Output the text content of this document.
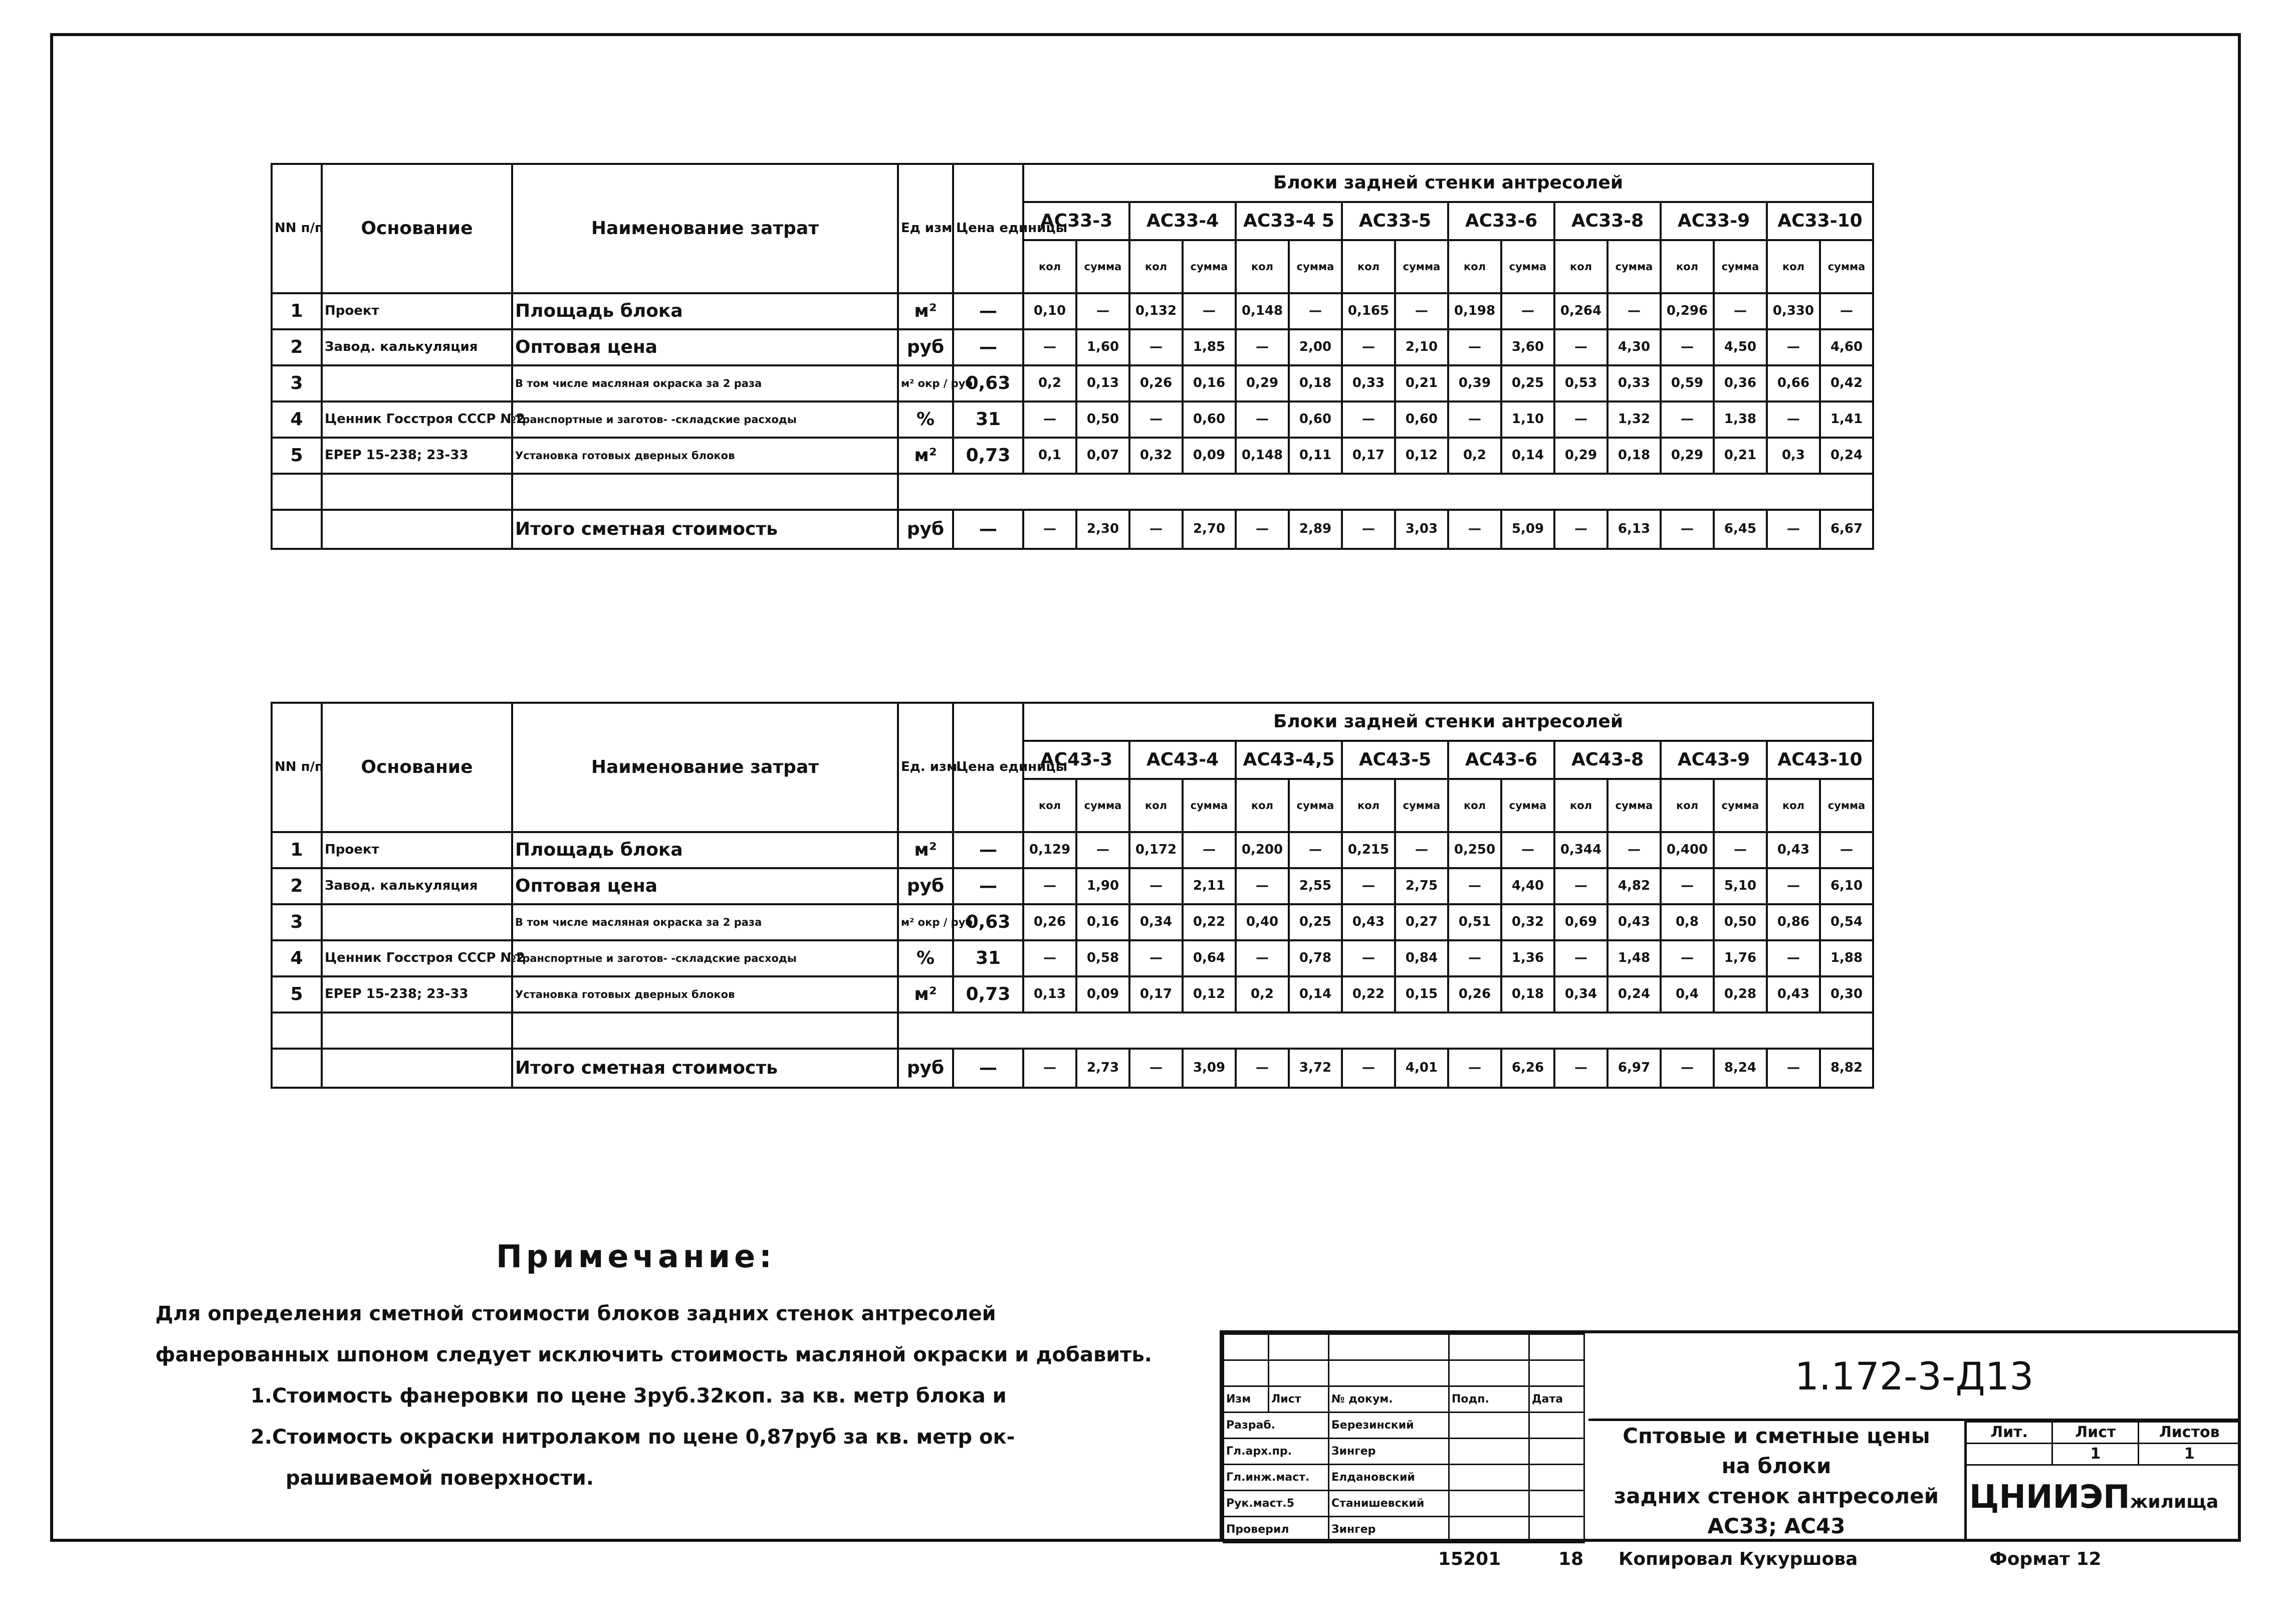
NN п/п	Основание	Наименование затрат	Ед изм	Цена единицы	Блоки задней стенки антресолей															
					АС33-3		АС33-4		АС33-4 5		АС33-5		АС33-6		АС33-8		АС33-9		АС33-10	
					кол	сумма	кол	сумма	кол	сумма	кол	сумма	кол	сумма	кол	сумма	кол	сумма	кол	сумма
1	Проект	Площадь блока	м²	—	0,10	—	0,132	—	0,148	—	0,165	—	0,198	—	0,264	—	0,296	—	0,330	—
2	Завод. калькуляция	Оптовая цена	руб	—	—	1,60	—	1,85	—	2,00	—	2,10	—	3,60	—	4,30	—	4,50	—	4,60
3		В том числе масляная окраска за 2 раза	м² окр / руб	0,63	0,2	0,13	0,26	0,16	0,29	0,18	0,33	0,21	0,39	0,25	0,53	0,33	0,59	0,36	0,66	0,42
4	Ценник Госстроя СССР №2	Транспортные и заготов- -складские расходы	%	31	—	0,50	—	0,60	—	0,60	—	0,60	—	1,10	—	1,32	—	1,38	—	1,41
5	ЕРЕР 15-238; 23-33	Установка готовых дверных блоков	м²	0,73	0,1	0,07	0,32	0,09	0,148	0,11	0,17	0,12	0,2	0,14	0,29	0,18	0,29	0,21	0,3	0,24

		Итого сметная стоимость	руб	—	—	2,30	—	2,70	—	2,89	—	3,03	—	5,09	—	6,13	—	6,45	—	6,67
NN п/п	Основание	Наименование затрат	Ед. изм.	Цена единицы	Блоки задней стенки антресолей															
					АС43-3		АС43-4		АС43-4,5		АС43-5		АС43-6		АС43-8		АС43-9		АС43-10	
					кол	сумма	кол	сумма	кол	сумма	кол	сумма	кол	сумма	кол	сумма	кол	сумма	кол	сумма
1	Проект	Площадь блока	м²	—	0,129	—	0,172	—	0,200	—	0,215	—	0,250	—	0,344	—	0,400	—	0,43	—
2	Завод. калькуляция	Оптовая цена	руб	—	—	1,90	—	2,11	—	2,55	—	2,75	—	4,40	—	4,82	—	5,10	—	6,10
3		В том числе масляная окраска за 2 раза	м² окр / руб.	0,63	0,26	0,16	0,34	0,22	0,40	0,25	0,43	0,27	0,51	0,32	0,69	0,43	0,8	0,50	0,86	0,54
4	Ценник Госстроя СССР №2	Транспортные и заготов- -складские расходы	%	31	—	0,58	—	0,64	—	0,78	—	0,84	—	1,36	—	1,48	—	1,76	—	1,88
5	ЕРЕР 15-238; 23-33	Установка готовых дверных блоков	м²	0,73	0,13	0,09	0,17	0,12	0,2	0,14	0,22	0,15	0,26	0,18	0,34	0,24	0,4	0,28	0,43	0,30

		Итого сметная стоимость	руб	—	—	2,73	—	3,09	—	3,72	—	4,01	—	6,26	—	6,97	—	8,24	—	8,82
Примечание:
Для определения сметной стоимости блоков задних стенок антресолей
фанерованных шпоном следует исключить стоимость масляной окраски и добавить.
1.Стоимость фанеровки по цене 3руб.32коп. за кв. метр блока и
2.Стоимость окраски нитролаком по цене 0,87руб за кв. метр ок-
рашиваемой поверхности.

Изм	Лист	№ докум.	Подп.	Дата
Разраб.		Березинский		
Гл.арх.пр.		Зингер		
Гл.инж.маст.		Елдановский		
Рук.маст.5		Станишевский		
Проверил		Зингер		
1.172-3-Д13
Сптовые и сметные цены
на блоки
задних стенок антресолей
АС33; АС43
Лит.	Лист	Листов
	1	1
ЦНИИЭПжилища
15201	18 Копировал Кукуршова	Формат 12
